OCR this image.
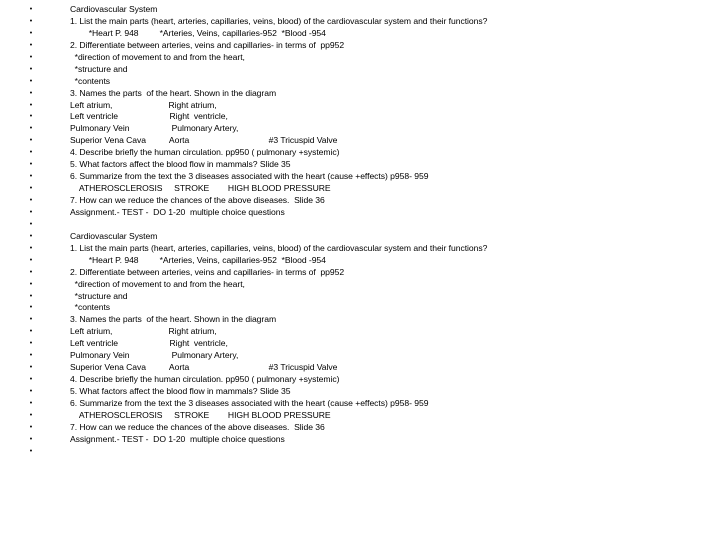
•	Cardiovascular System
•	1. List the main parts (heart, arteries, capillaries, veins, blood) of the cardiovascular system and their functions?
•	*Heart P. 948         *Arteries, Veins, capillaries-952  *Blood -954
•	2. Differentiate between arteries, veins and capillaries- in terms of  pp952
•	*direction of movement to and from the heart,
•	*structure and
•	*contents
•	3. Names the parts  of the heart. Shown in the diagram
•	Left atrium,                        Right atrium,
•	Left ventricle                      Right  ventricle,
•	Pulmonary Vein                  Pulmonary Artery,
•	Superior Vena Cava          Aorta                                  #3 Tricuspid Valve
•	4. Describe briefly the human circulation. pp950 ( pulmonary +systemic)
•	5. What factors affect the blood flow in mammals? Slide 35
•	6. Summarize from the text the 3 diseases associated with the heart (cause +effects) p958- 959
•	ATHEROSCLEROSIS     STROKE        HIGH BLOOD PRESSURE
•	7. How can we reduce the chances of the above diseases.  Slide 36
•	Assignment.- TEST -  DO 1-20  multiple choice questions
•
•	Cardiovascular System
•	1. List the main parts (heart, arteries, capillaries, veins, blood) of the cardiovascular system and their functions?
•	*Heart P. 948         *Arteries, Veins, capillaries-952  *Blood -954
•	2. Differentiate between arteries, veins and capillaries- in terms of  pp952
•	*direction of movement to and from the heart,
•	*structure and
•	*contents
•	3. Names the parts  of the heart. Shown in the diagram
•	Left atrium,                        Right atrium,
•	Left ventricle                      Right  ventricle,
•	Pulmonary Vein                  Pulmonary Artery,
•	Superior Vena Cava          Aorta                                  #3 Tricuspid Valve
•	4. Describe briefly the human circulation. pp950 ( pulmonary +systemic)
•	5. What factors affect the blood flow in mammals? Slide 35
•	6. Summarize from the text the 3 diseases associated with the heart (cause +effects) p958- 959
•	ATHEROSCLEROSIS     STROKE        HIGH BLOOD PRESSURE
•	7. How can we reduce the chances of the above diseases.  Slide 36
•	Assignment.- TEST -  DO 1-20  multiple choice questions
•
